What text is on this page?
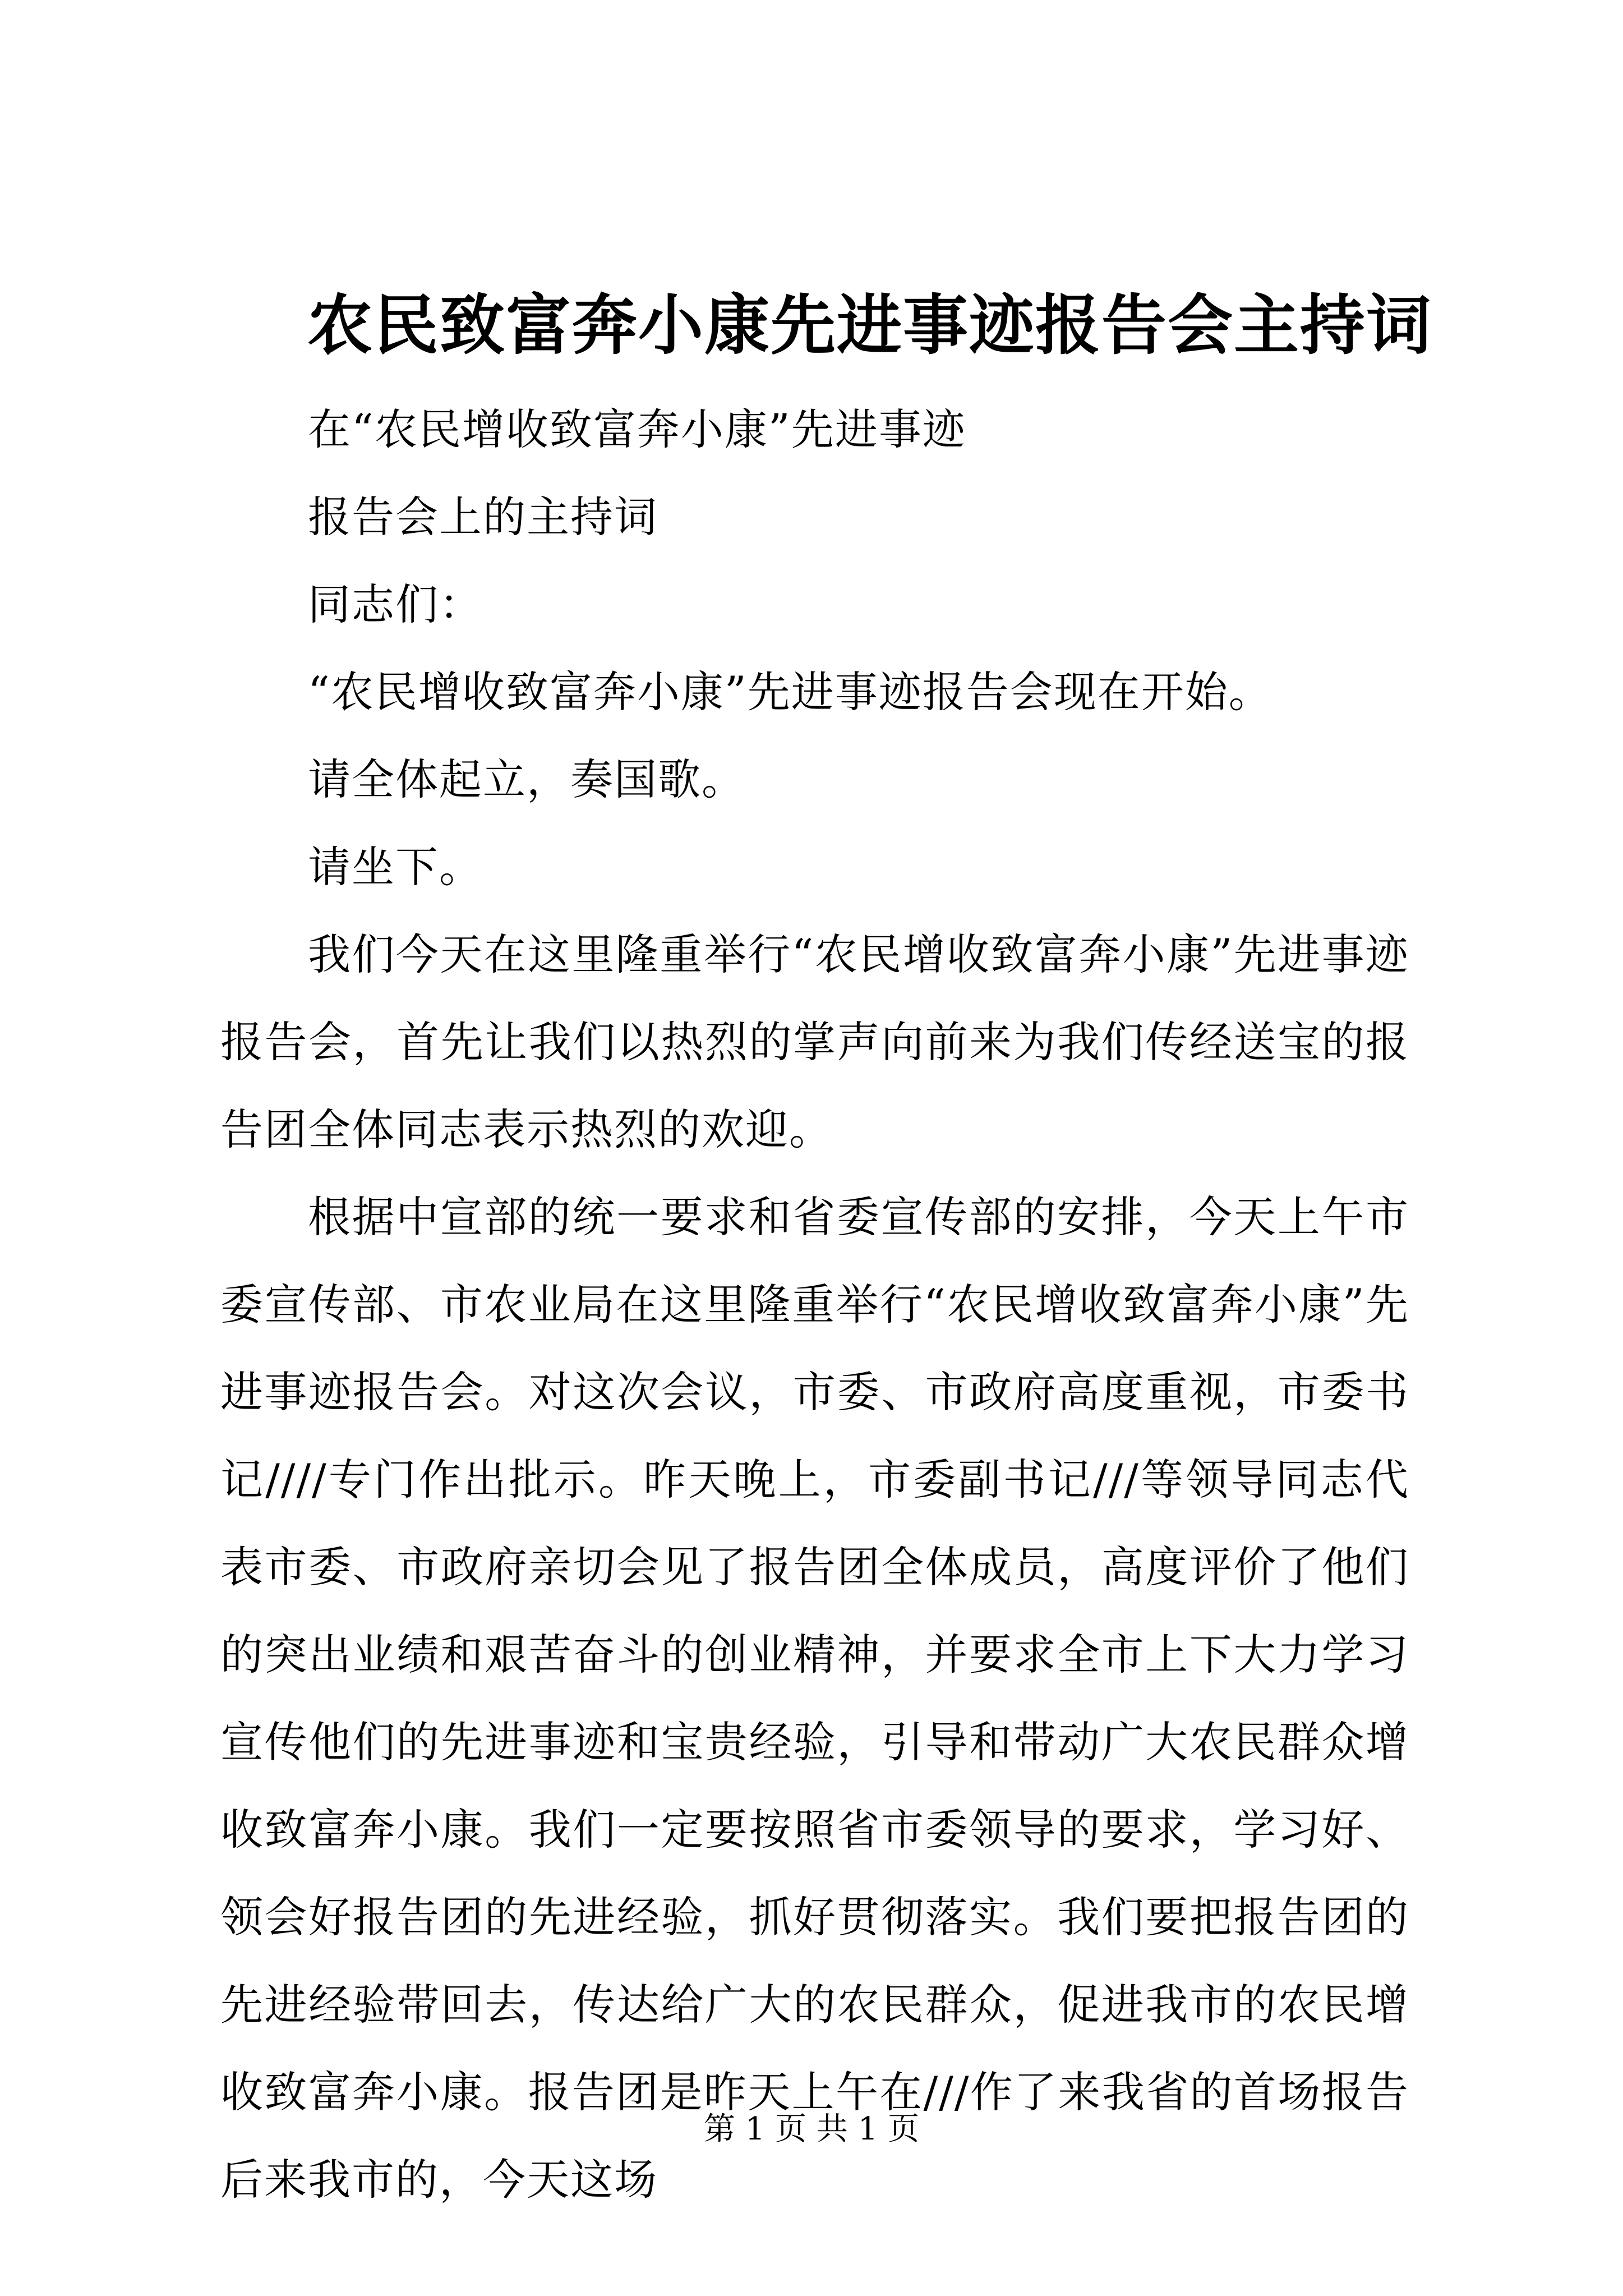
农民致富奔小康先进事迹报告会主持词

在“农民增收致富奔小康”先进事迹

报告会上的主持词

同志们：

“农民增收致富奔小康”先进事迹报告会现在开始。

请全体起立，奏国歌。

请坐下。

我们今天在这里隆重举行“农民增收致富奔小康”先进事迹报告会，首先让我们以热烈的掌声向前来为我们传经送宝的报告团全体同志表示热烈的欢迎。

根据中宣部的统一要求和省委宣传部的安排，今天上午市委宣传部、市农业局在这里隆重举行“农民增收致富奔小康”先进事迹报告会。对这次会议，市委、市政府高度重视，市委书记////专门作出批示。昨天晚上，市委副书记///等领导同志代表市委、市政府亲切会见了报告团全体成员，高度评价了他们的突出业绩和艰苦奋斗的创业精神，并要求全市上下大力学习宣传他们的先进事迹和宝贵经验，引导和带动广大农民群众增收致富奔小康。我们一定要按照省市委领导的要求，学习好、领会好报告团的先进经验，抓好贯彻落实。我们要把报告团的先进经验带回去，传达给广大的农民群众，促进我市的农民增收致富奔小康。报告团是昨天上午在///作了来我省的首场报告后来我市的，今天这场

第 1 页 共 1 页
